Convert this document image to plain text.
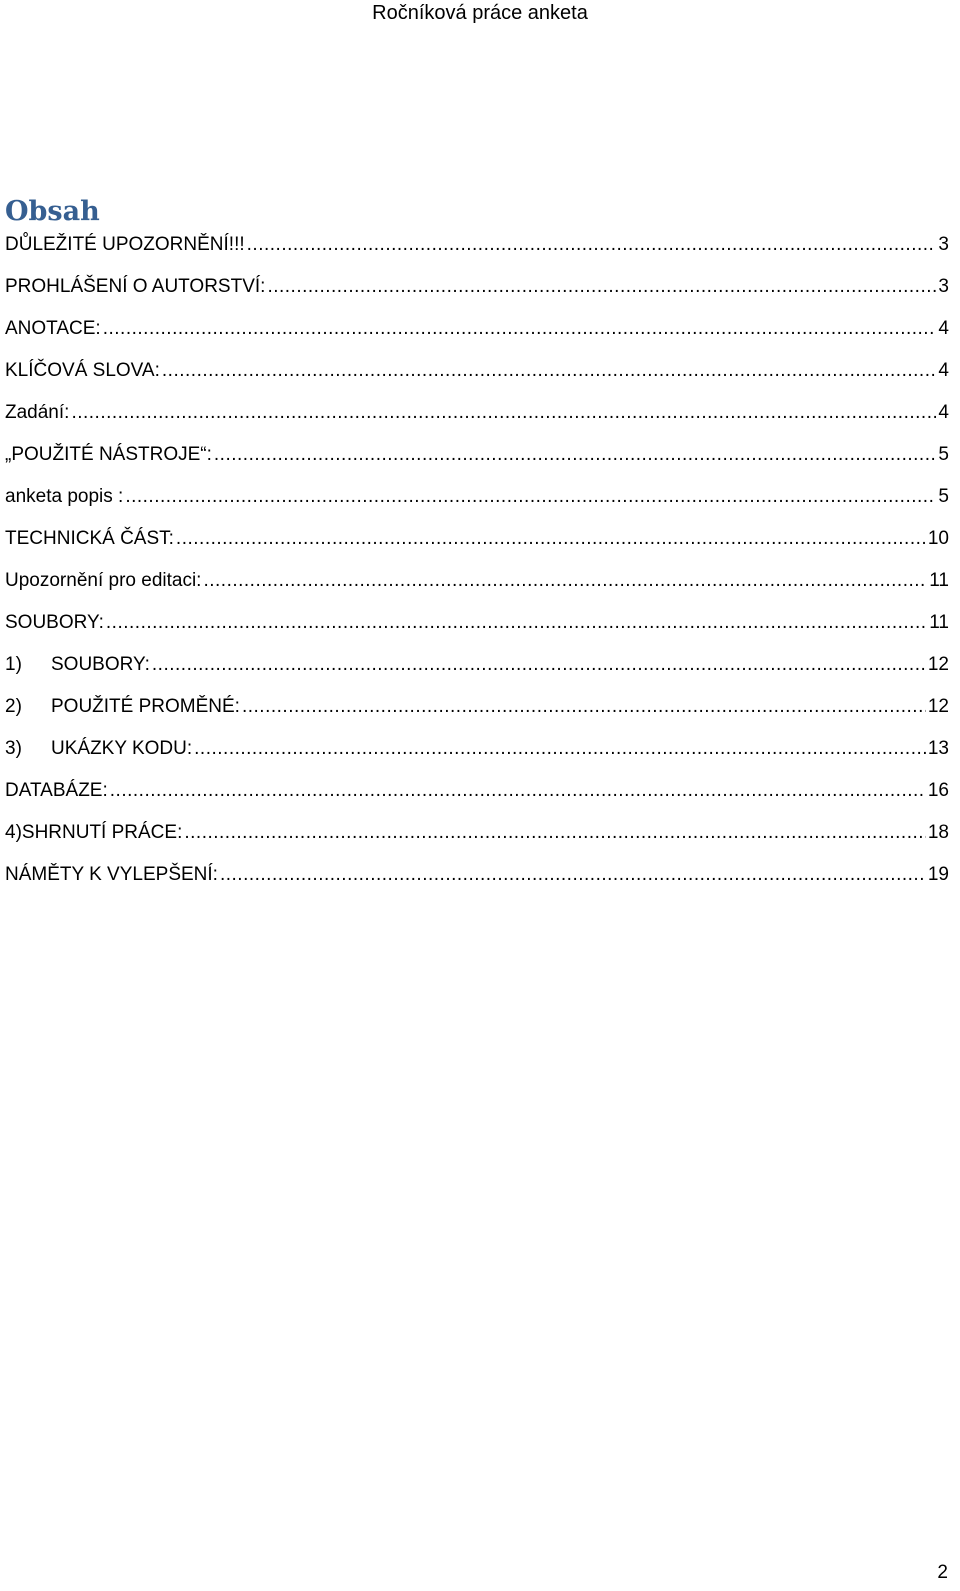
Ročníková práce anketa
Obsah
DŮLEŽITÉ UPOZORNĚNÍ!!! .....	3
PROHLÁŠENÍ O AUTORSTVÍ: .....	3
ANOTACE: .....	4
KLÍČOVÁ SLOVA: .....	4
Zadání: .....	4
„POUŽITÉ NÁSTROJE“: .....	5
anketa popis : .....	5
TECHNICKÁ ČÁST: .....	10
Upozornění pro editaci: .....	11
SOUBORY: .....	11
1)	SOUBORY: .....	12
2)	POUŽITÉ PROMĚNÉ: .....	12
3)	UKÁZKY KODU: .....	13
DATABÁZE: .....	16
4)SHRNUTÍ PRÁCE: .....	18
NÁMĚTY K VYLEPŠENÍ: .....	19
2
